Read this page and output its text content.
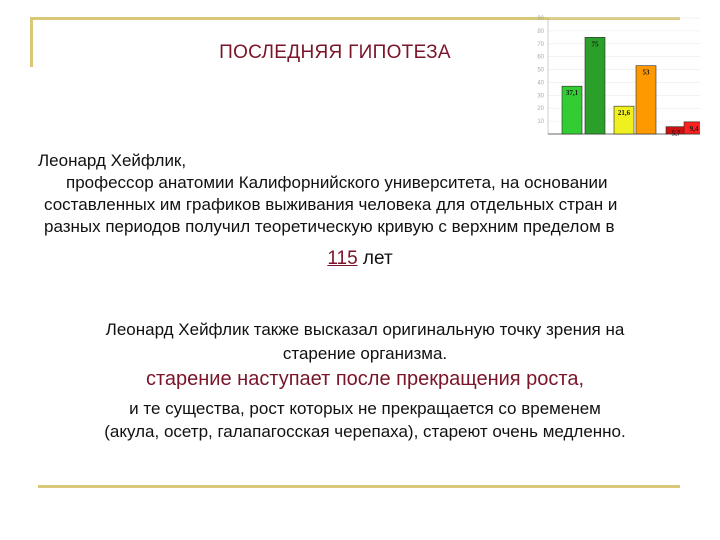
ПОСЛЕДНЯЯ ГИПОТЕЗА
90
80
70
60
50
40
30
20
10
37,1
75
21,6
53
5,7
9,4
Леонард Хейфлик,
профессор анатомии Калифорнийского университета, на основании
составленных им графиков выживания человека для отдельных стран и
разных периодов получил теоретическую кривую с верхним пределом в
115 лет
Леонард Хейфлик также высказал оригинальную точку зрения на
старение организма.
старение наступает после прекращения роста,
и те существа, рост которых не прекращается со временем
(акула, осетр, галапагосская черепаха), стареют очень медленно.
